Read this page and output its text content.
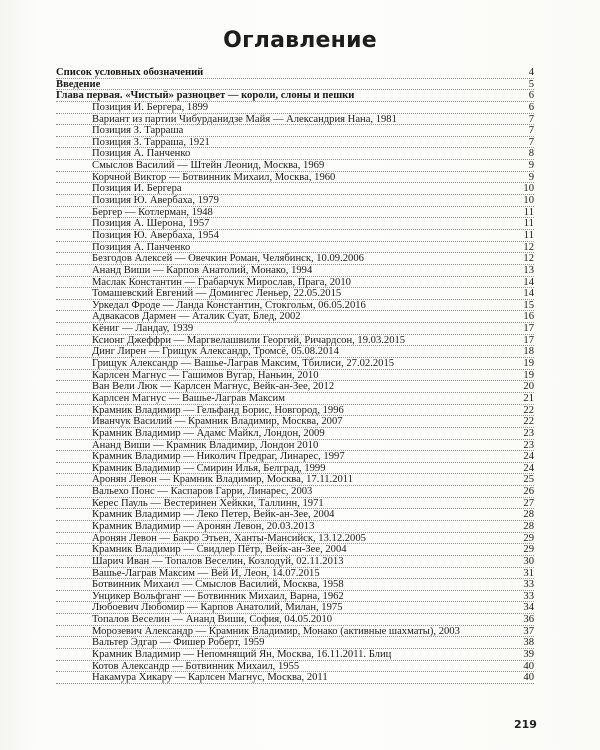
Оглавление
Список условных обозначений	4
Введение	5
Глава первая. «Чистый» разноцвет — короли, слоны и пешки	6
Позиция И. Бергера, 1899	6
Вариант из партии Чибурданидзе Майя — Александрия Нана, 1981	7
Позиция З. Тарраша	7
Позиция З. Тарраша, 1921	7
Позиция А. Панченко	8
Смыслов Василий — Штейн Леонид, Москва, 1969	9
Корчной Виктор — Ботвинник Михаил, Москва, 1960	9
Позиция И. Бергера	10
Позиция Ю. Авербаха, 1979	10
Бергер — Котлерман, 1948	11
Позиция А. Шерона, 1957	11
Позиция Ю. Авербаха, 1954	11
Позиция А. Панченко	12
Безгодов Алексей — Овечкин Роман, Челябинск, 10.09.2006	12
Ананд Виши — Карпов Анатолий, Монако, 1994	13
Маслак Константин — Грабарчук Мирослав, Прага, 2010	14
Томашевский Евгений — Домингес Леньер, 22.05.2015	14
Уркедал Фроде — Ланда Константин, Стокгольм, 06.05.2016	15
Адвакасов Дармен — Аталик Суат, Блед, 2002	16
Кёниг — Ландау, 1939	17
Ксионг Джеффри — Маргвелашвили Георгий, Ричардсон, 19.03.2015	17
Динг Лирен — Грищук Александр, Тромсё, 05.08.2014	18
Грищук Александр — Вашье-Лаграв Максим, Тбилиси, 27.02.2015	19
Карлсен Магнус — Гашимов Вугар, Наньин, 2010	19
Ван Вели Люк — Карлсен Магнус, Вейк-ан-Зее, 2012	20
Карлсен Магнус — Вашье-Лаграв Максим	21
Крамник Владимир — Гельфанд Борис, Новгород, 1996	22
Иванчук Василий — Крамник Владимир, Москва, 2007	22
Крамник Владимир — Адамс Майкл, Лондон, 2009	23
Ананд Виши — Крамник Владимир, Лондон 2010	23
Крамник Владимир — Николич Предраг, Линарес, 1997	24
Крамник Владимир — Смирин Илья, Белград, 1999	24
Аронян Левон — Крамник Владимир, Москва, 17.11.2011	25
Вальехо Понс — Каспаров Гарри, Линарес, 2003	26
Керес Пауль — Вестеринен Хейкки, Таллинн, 1971	27
Крамник Владимир — Леко Петер, Вейк-ан-Зее, 2004	28
Крамник Владимир — Аронян Левон, 20.03.2013	28
Аронян Левон — Бакро Этьен, Ханты-Мансийск, 13.12.2005	29
Крамник Владимир — Свидлер Пётр, Вейк-ан-Зее, 2004	29
Шарич Иван — Топалов Веселин, Козлодуй, 02.11.2013	30
Вашье-Лаграв Максим — Вей И, Леон, 14.07.2015	31
Ботвинник Михаил — Смыслов Василий, Москва, 1958	33
Унцикер Вольфганг — Ботвинник Михаил, Варна, 1962	33
Любоевич Любомир — Карпов Анатолий, Милан, 1975	34
Топалов Веселин — Ананд Виши, София, 04.05.2010	36
Морозевич Александр — Крамник Владимир, Монако (активные шахматы), 2003	37
Вальтер Эдгар — Фишер Роберт, 1959	38
Крамник Владимир — Непомнящий Ян, Москва, 16.11.2011. Блиц	39
Котов Александр — Ботвинник Михаил, 1955	40
Накамура Хикару — Карлсен Магнус, Москва, 2011	40
219
